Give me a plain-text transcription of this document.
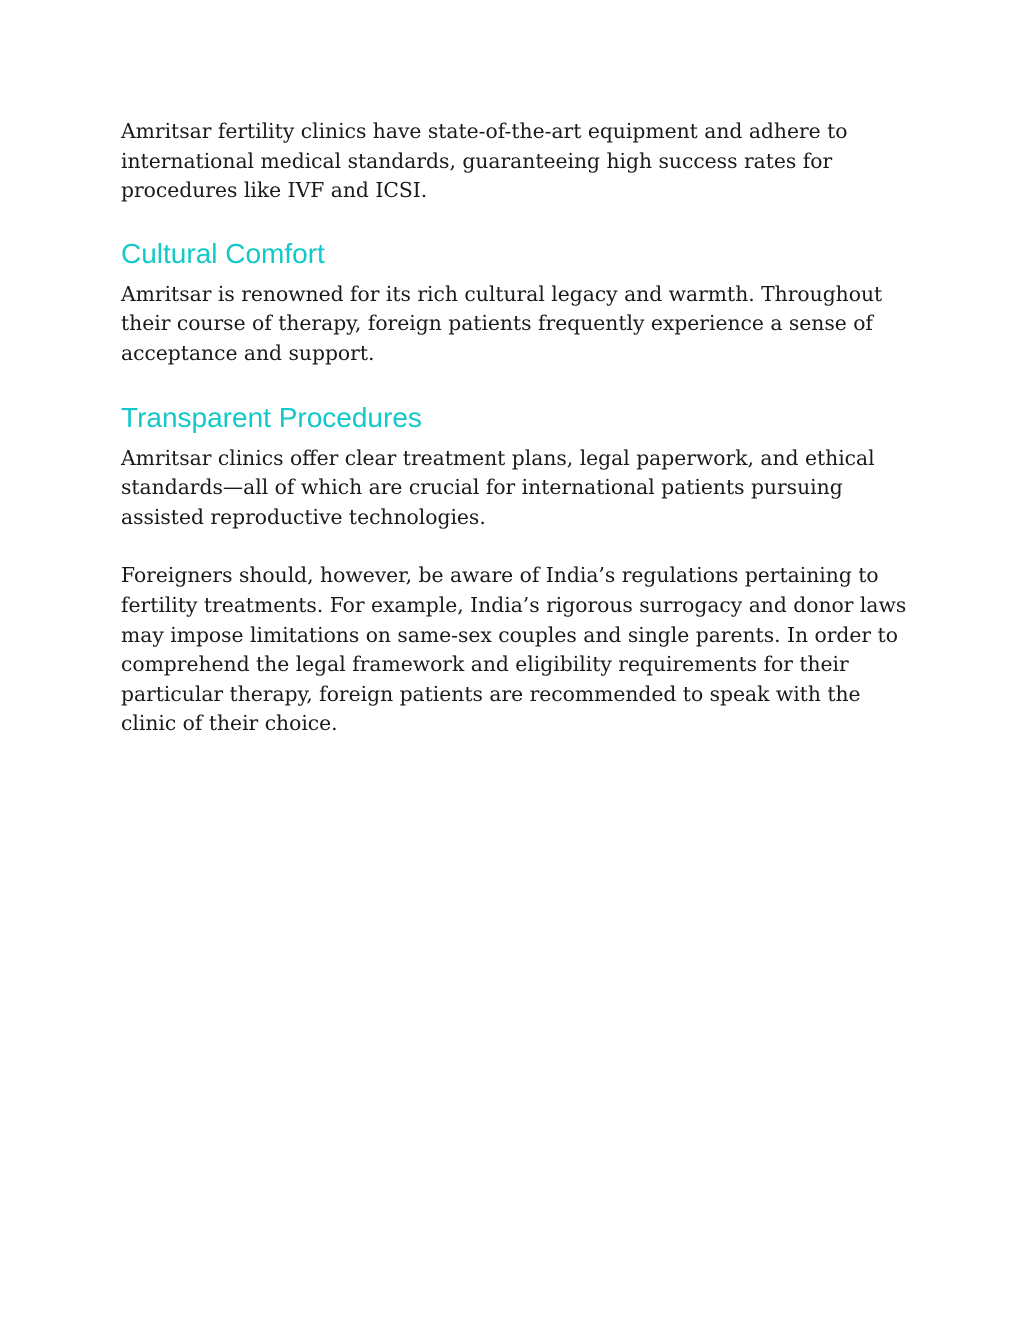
Amritsar fertility clinics have state-of-the-art equipment and adhere to international medical standards, guaranteeing high success rates for procedures like IVF and ICSI.

Cultural Comfort

Amritsar is renowned for its rich cultural legacy and warmth. Throughout their course of therapy, foreign patients frequently experience a sense of acceptance and support.

Transparent Procedures

Amritsar clinics offer clear treatment plans, legal paperwork, and ethical standards—all of which are crucial for international patients pursuing assisted reproductive technologies.

Foreigners should, however, be aware of India’s regulations pertaining to fertility treatments. For example, India’s rigorous surrogacy and donor laws may impose limitations on same-sex couples and single parents. In order to comprehend the legal framework and eligibility requirements for their particular therapy, foreign patients are recommended to speak with the clinic of their choice.
